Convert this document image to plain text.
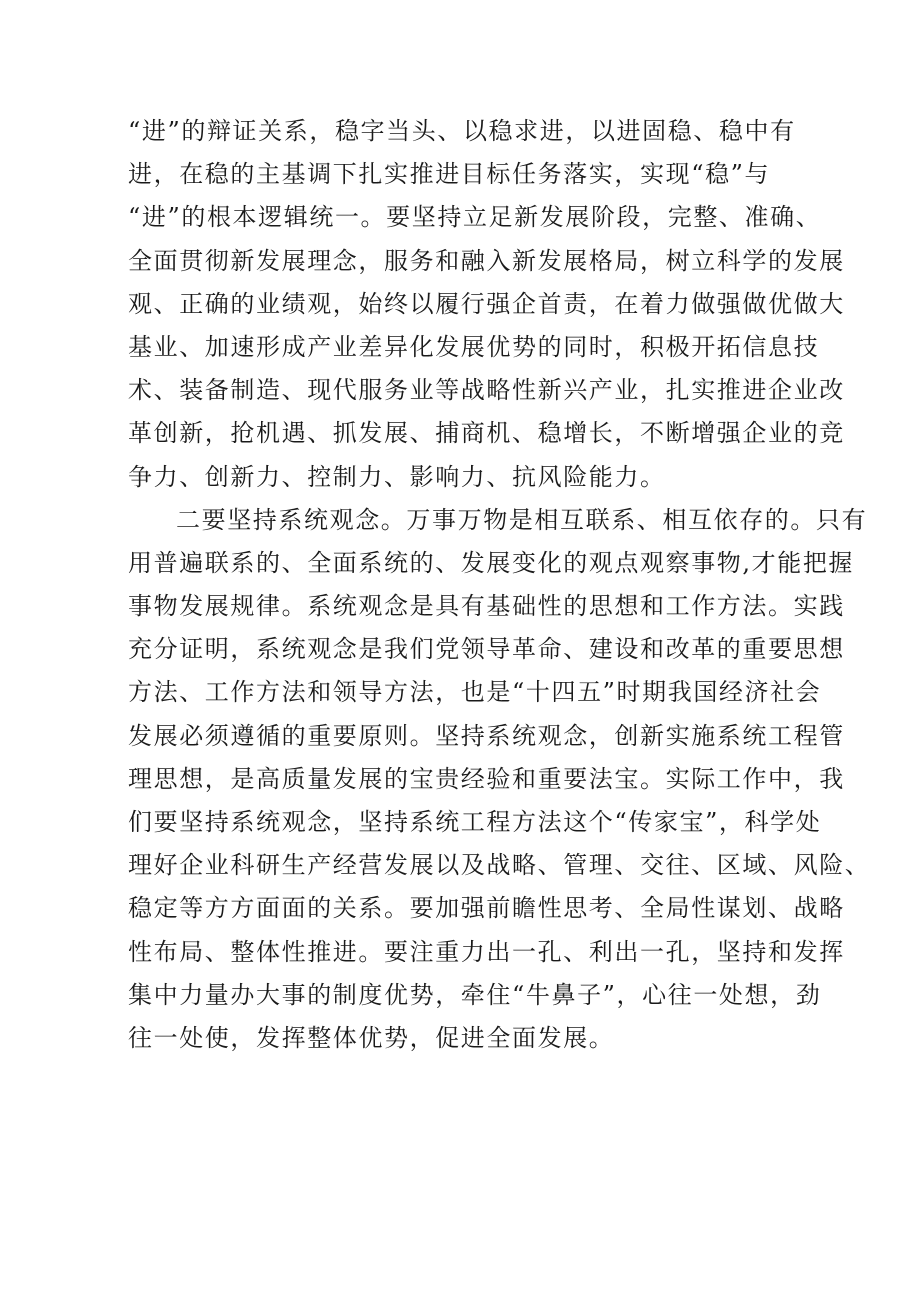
“进”的辩证关系，稳字当头、以稳求进，以进固稳、稳中有
进，在稳的主基调下扎实推进目标任务落实，实现“稳”与
“进”的根本逻辑统一。要坚持立足新发展阶段，完整、准确、
全面贯彻新发展理念，服务和融入新发展格局，树立科学的发展
观、正确的业绩观，始终以履行强企首责，在着力做强做优做大
基业、加速形成产业差异化发展优势的同时，积极开拓信息技
术、装备制造、现代服务业等战略性新兴产业，扎实推进企业改
革创新，抢机遇、抓发展、捕商机、稳增长，不断增强企业的竞
争力、创新力、控制力、影响力、抗风险能力。
二要坚持系统观念。万事万物是相互联系、相互依存的。只有
用普遍联系的、全面系统的、发展变化的观点观察事物,才能把握
事物发展规律。系统观念是具有基础性的思想和工作方法。实践
充分证明，系统观念是我们党领导革命、建设和改革的重要思想
方法、工作方法和领导方法，也是“十四五”时期我国经济社会
发展必须遵循的重要原则。坚持系统观念，创新实施系统工程管
理思想，是高质量发展的宝贵经验和重要法宝。实际工作中，我
们要坚持系统观念，坚持系统工程方法这个“传家宝”，科学处
理好企业科研生产经营发展以及战略、管理、交往、区域、风险、
稳定等方方面面的关系。要加强前瞻性思考、全局性谋划、战略
性布局、整体性推进。要注重力出一孔、利出一孔，坚持和发挥
集中力量办大事的制度优势，牵住“牛鼻子”，心往一处想，劲
往一处使，发挥整体优势，促进全面发展。
